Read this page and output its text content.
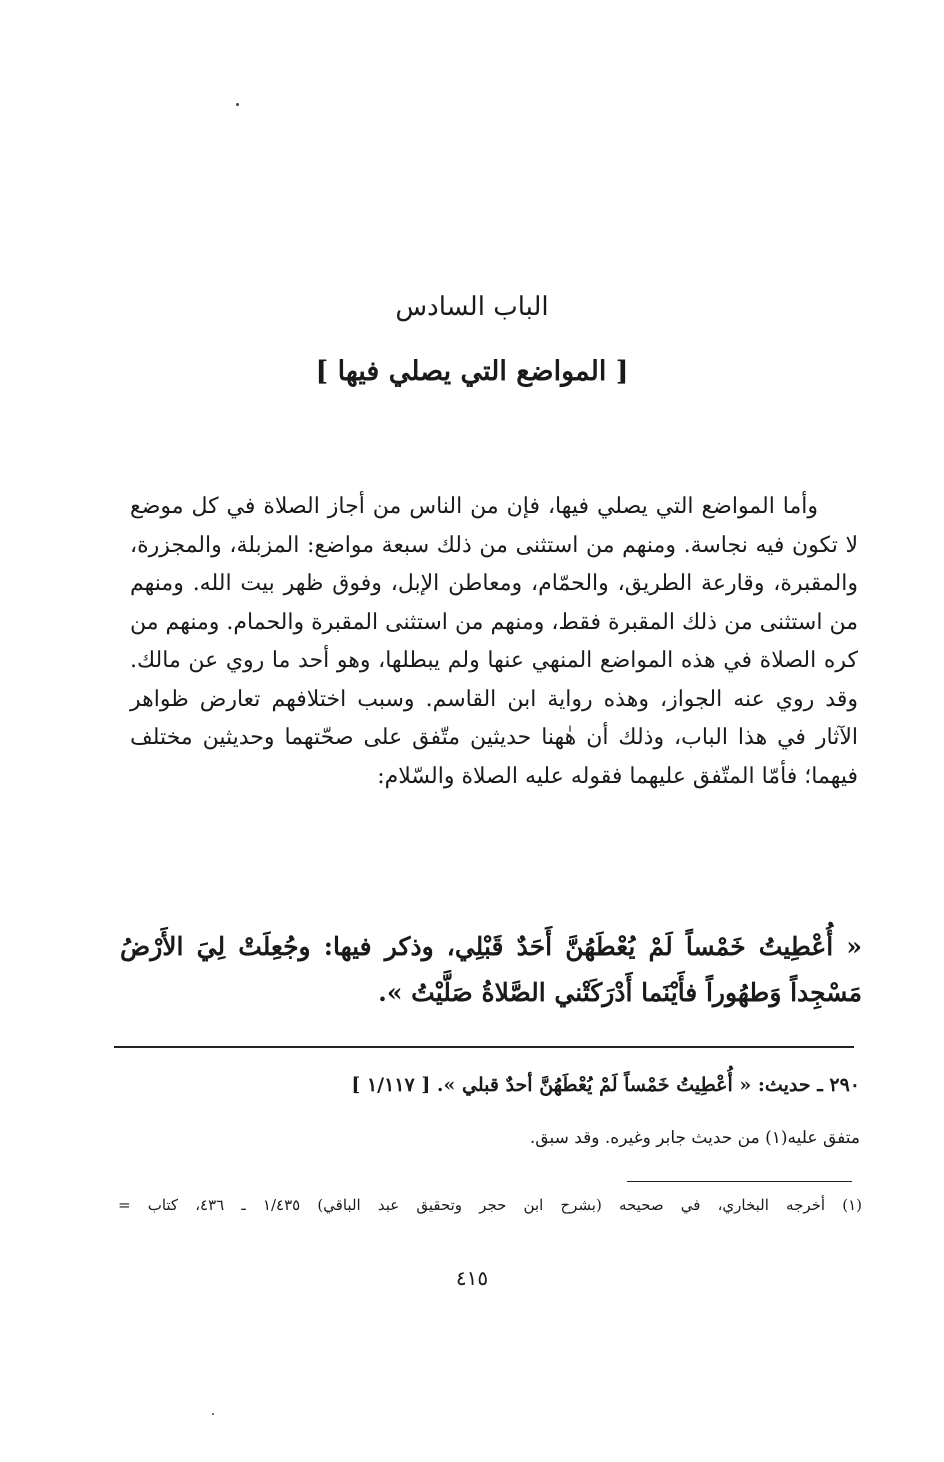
الباب السادس
[ المواضع التي يصلي فيها ]

وأما المواضع التي يصلي فيها، فإن من الناس من أجاز الصلاة في كل موضع لا تكون فيه نجاسة. ومنهم من استثنى من ذلك سبعة مواضع: المزبلة، والمجزرة، والمقبرة، وقارعة الطريق، والحمّام، ومعاطن الإبل، وفوق ظهر بيت الله. ومنهم من استثنى من ذلك المقبرة فقط، ومنهم من استثنى المقبرة والحمام. ومنهم من كره الصلاة في هذه المواضع المنهي عنها ولم يبطلها، وهو أحد ما روي عن مالك. وقد روي عنه الجواز، وهذه رواية ابن القاسم. وسبب اختلافهم تعارض ظواهر الآثار في هذا الباب، وذلك أن هٰهنا حديثين متّفق على صحّتهما وحديثين مختلف فيهما؛ فأمّا المتّفق عليهما فقوله عليه الصلاة والسّلام:

« أُعْطِيتُ خَمْساً لَمْ يُعْطَهُنَّ أَحَدٌ قَبْلِي، وذكر فيها: وجُعِلَتْ لِيَ الأَرْضُ مَسْجِداً وَطهُوراً فأَيْنَما أَدْرَكَتْني الصَّلاةُ صَلَّيْتُ ».
٢٩٠ ـ حديث: « أُعْطِيتُ خَمْساً لَمْ يُعْطَهُنَّ أحدٌ قبلي ». [ ١/١١٧ ]
متفق عليه(١) من حديث جابر وغيره. وقد سبق.
(١) أخرجه البخاري، في صحيحه (بشرح ابن حجر وتحقيق عبد الباقي) ١/٤٣٥ ـ ٤٣٦، كتاب =
٤١٥
